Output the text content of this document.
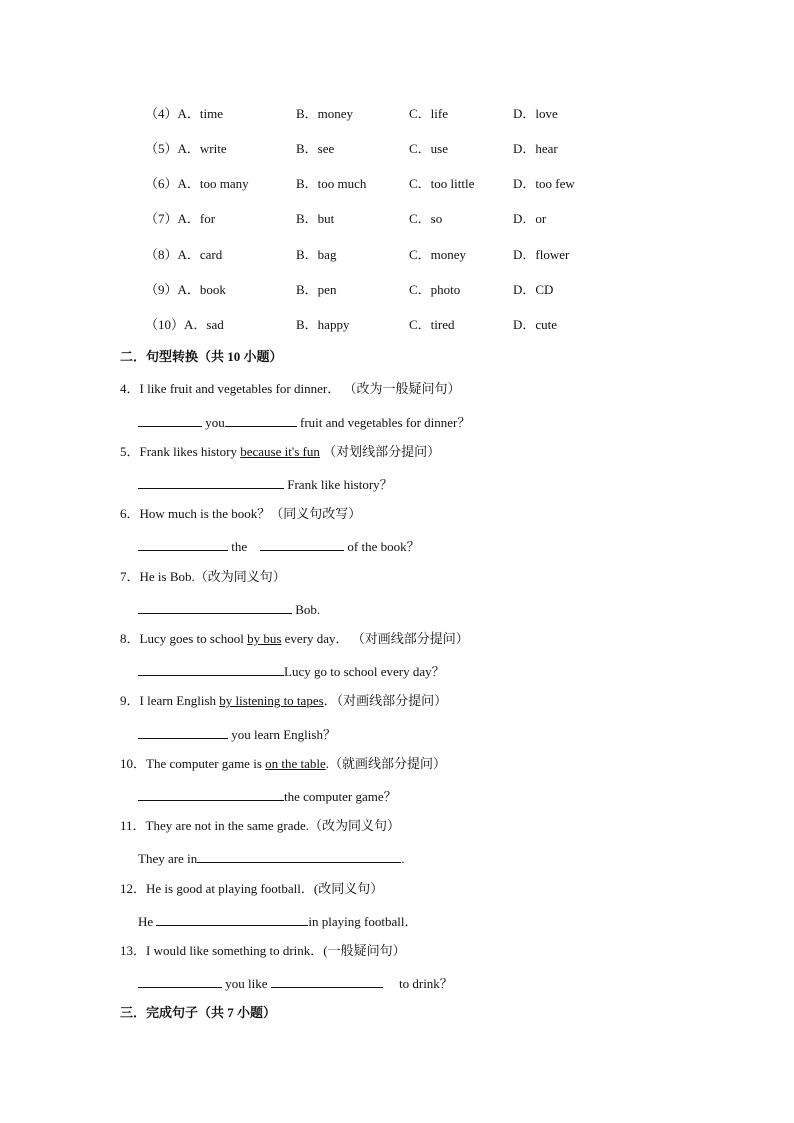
（4）A．time	B．money	C．life	D．love
（5）A．write	B．see	C．use	D．hear
（6）A．too many	B．too much	C．too little	D．too few
（7）A．for	B．but	C．so	D．or
（8）A．card	B．bag	C．money	D．flower
（9）A．book	B．pen	C．photo	D．CD
（10）A．sad	B．happy	C．tired	D．cute
二．句型转换（共 10 小题）
4．I like fruit and vegetables for dinner． （改为一般疑问句）
you	fruit and vegetables for dinner？
5．Frank likes history because it's fun （对划线部分提问）
Frank like history？
6．How much is the book？（同义句改写）
the	of the book？
7．He is Bob.（改为同义句）
Bob.
8．Lucy goes to school by bus every day． （对画线部分提问）
Lucy go to school every day？
9．I learn English by listening to tapes．（对画线部分提问）
you learn English？
10．The computer game is on the table.（就画线部分提问）
the computer game？
11．They are not in the same grade.（改为同义句）
They are in	.
12．He is good at playing football．(改同义句）
He	in playing football．
13．I would like something to drink．(一般疑问句）
you like	to drink？
三．完成句子（共 7 小题）
